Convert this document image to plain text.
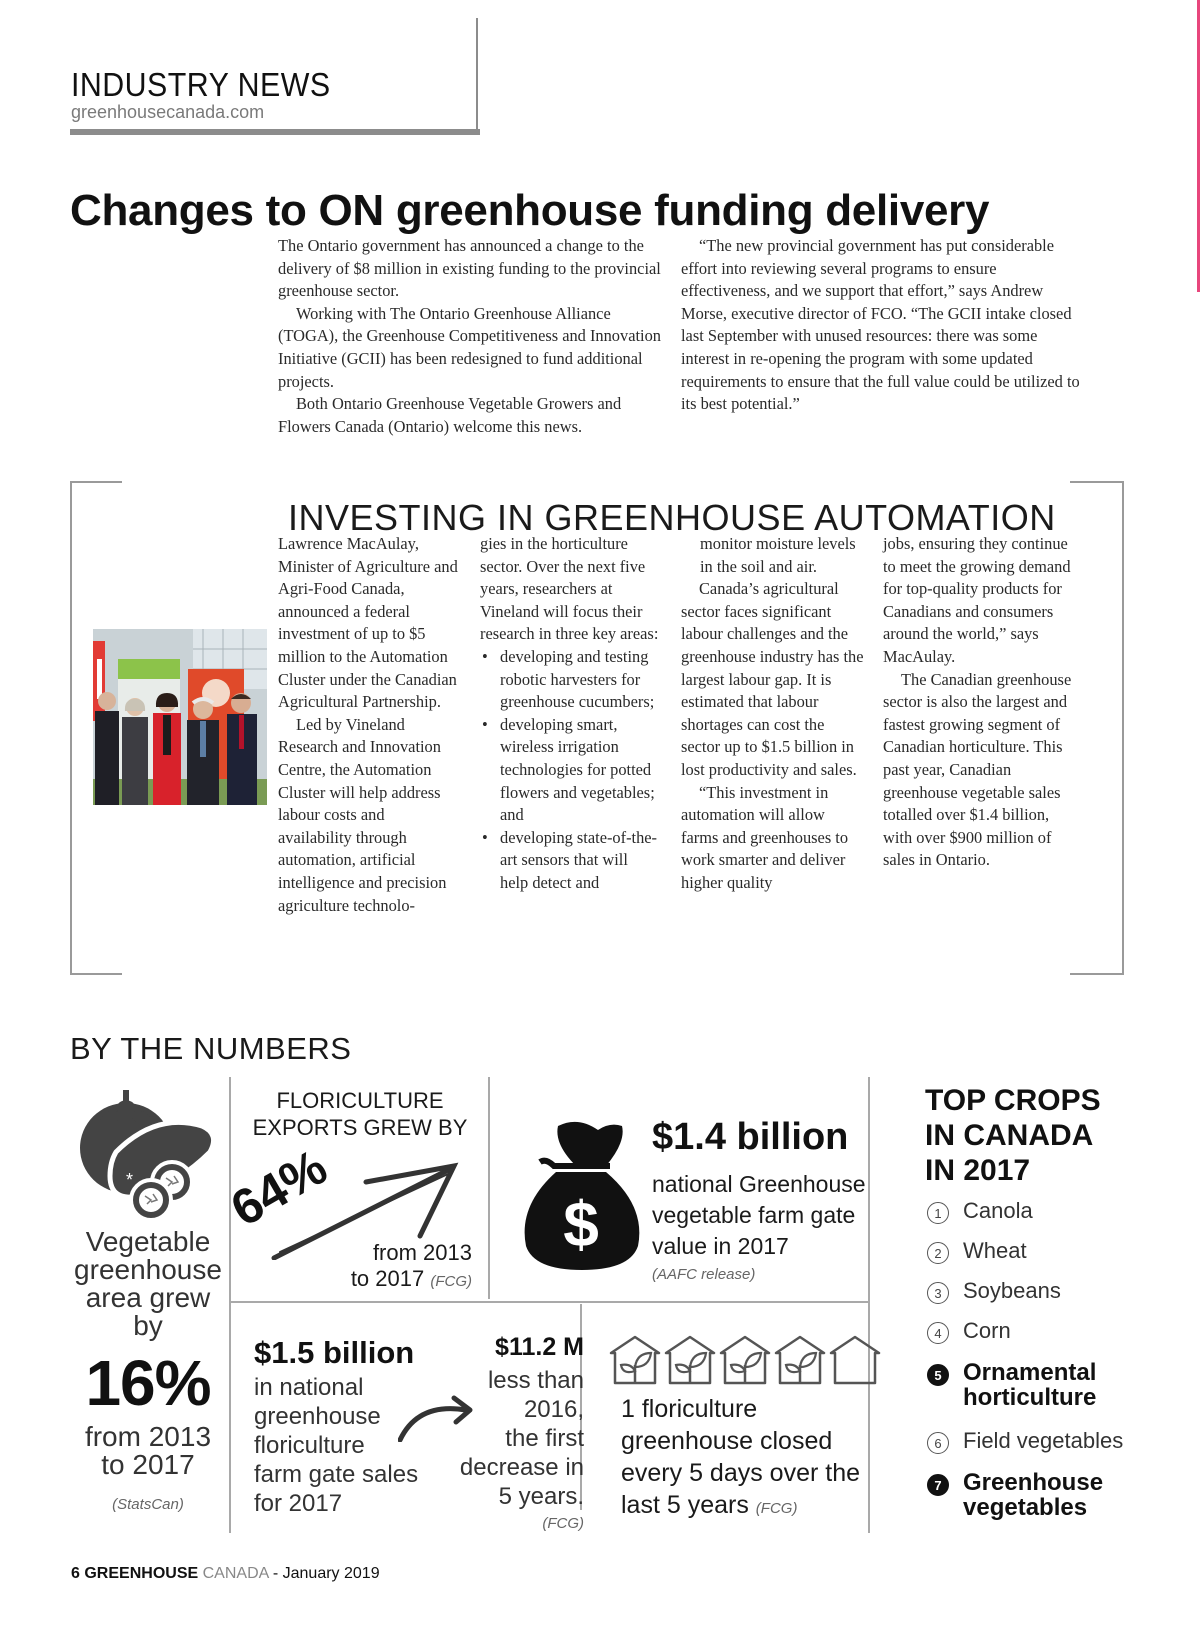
INDUSTRY NEWS
greenhousecanada.com
Changes to ON greenhouse funding delivery

The Ontario government has announced a change to the delivery of $8 million in existing funding to the provincial greenhouse sector.

Working with The Ontario Greenhouse Alliance (TOGA), the Greenhouse Competitiveness and Innovation Initiative (GCII) has been redesigned to fund additional projects.

Both Ontario Greenhouse Vegetable Growers and Flowers Canada (Ontario) welcome this news.

“The new provincial government has put considerable effort into reviewing several programs to ensure effectiveness, and we support that effort,” says Andrew Morse, executive director of FCO. “The GCII intake closed last September with unused resources: there was some interest in re-opening the program with some updated requirements to ensure that the full value could be utilized to its best potential.”

INVESTING IN GREENHOUSE AUTOMATION

Lawrence MacAulay, Minister of Agriculture and Agri-Food Canada, announced a federal investment of up to $5 million to the Automation Cluster under the Canadian Agricultural Partnership.

Led by Vineland Research and Innovation Centre, the Automation Cluster will help address labour costs and availability through automation, artificial intelligence and precision agriculture technolo-

gies in the horticulture sector. Over the next five years, researchers at Vineland will focus their research in three key areas:

• developing and testing robotic harvesters for greenhouse cucumbers;
• developing smart, wireless irrigation technologies for potted flowers and vegetables; and
• developing state-of-the-art sensors that will help detect and

monitor moisture levels in the soil and air.

Canada’s agricultural sector faces significant labour challenges and the greenhouse industry has the largest labour gap. It is estimated that labour shortages can cost the sector up to $1.5 billion in lost productivity and sales.

“This investment in automation will allow farms and greenhouses to work smarter and deliver higher quality

jobs, ensuring they continue to meet the growing demand for top-quality products for Canadians and consumers around the world,” says MacAulay.

The Canadian greenhouse sector is also the largest and fastest growing segment of Canadian horticulture. This past year, Canadian greenhouse vegetable sales totalled over $1.4 billion, with over $900 million of sales in Ontario.

BY THE NUMBERS
*
Vegetable
greenhouse
area grew
by
16%
from 2013
to 2017
(StatsCan)
FLORICULTURE
EXPORTS GREW BY
64%
from 2013
to 2017 (FCG)
$
$1.4 billion
national Greenhouse
vegetable farm gate
value in 2017
(AAFC release)
$1.5 billion
in national
greenhouse
floriculture
farm gate sales
for 2017
$11.2 M
less than
2016,
the first
decrease in
5 years.
(FCG)
1 floriculture
greenhouse closed
every 5 days over the
last 5 years (FCG)
TOP CROPS
IN CANADA
IN 2017
1 Canola
2 Wheat
3 Soybeans
4 Corn
5 Ornamental horticulture
6 Field vegetables
7 Greenhouse vegetables
6 GREENHOUSE CANADA - January 2019
